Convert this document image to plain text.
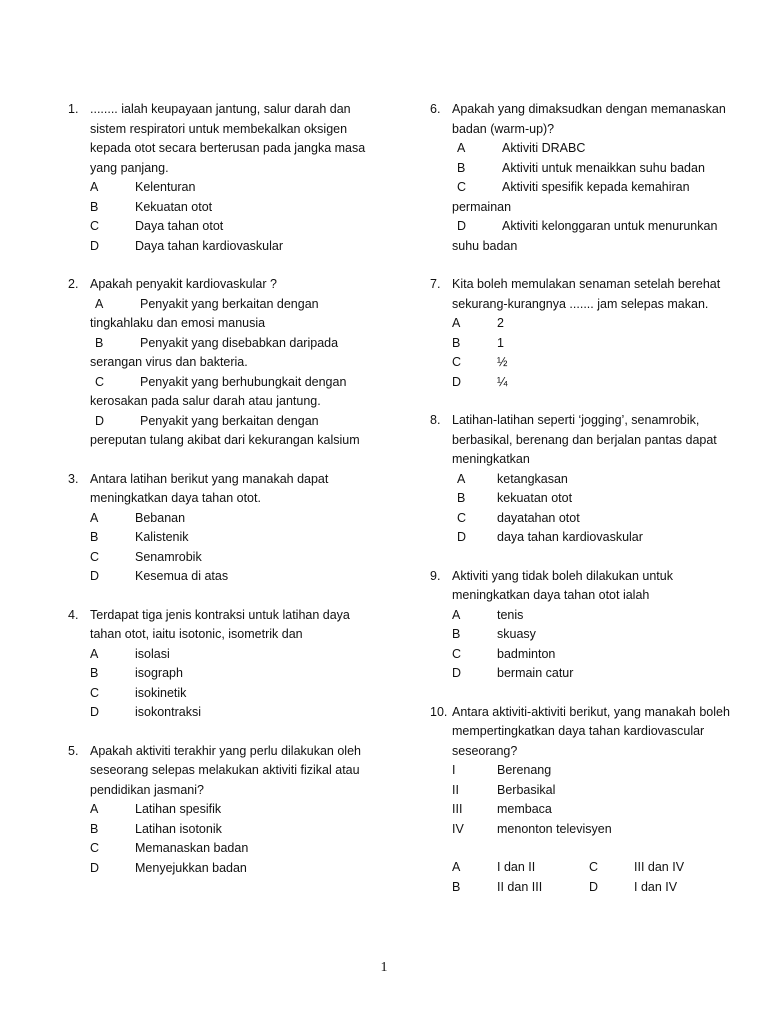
1. ........ ialah keupayaan jantung, salur darah dan sistem respiratori untuk membekalkan oksigen kepada otot secara berterusan pada jangka masa yang panjang.
A	Kelenturan
B	Kekuatan otot
C	Daya tahan otot
D	Daya tahan kardiovaskular
2. Apakah penyakit kardiovaskular ?
A	Penyakit yang berkaitan dengan tingkahlaku dan emosi manusia
B	Penyakit yang disebabkan daripada serangan virus dan bakteria.
C	Penyakit yang berhubungkait dengan kerosakan pada salur darah atau jantung.
D	Penyakit yang berkaitan dengan pereputan tulang akibat dari kekurangan kalsium
3. Antara latihan berikut yang manakah dapat meningkatkan daya tahan otot.
A	Bebanan
B	Kalistenik
C	Senamrobik
D	Kesemua di atas
4. Terdapat tiga jenis kontraksi untuk latihan daya tahan otot, iaitu isotonic, isometrik dan
A	isolasi
B	isograph
C	isokinetik
D	isokontraksi
5. Apakah aktiviti terakhir yang perlu dilakukan oleh seseorang selepas melakukan aktiviti fizikal atau pendidikan jasmani?
A	Latihan spesifik
B	Latihan isotonik
C	Memanaskan badan
D	Menyejukkan badan
6. Apakah yang dimaksudkan dengan memanaskan badan (warm-up)?
A	Aktiviti DRABC
B	Aktiviti untuk menaikkan suhu badan
C	Aktiviti spesifik kepada kemahiran permainan
D	Aktiviti kelonggaran untuk menurunkan suhu badan
7. Kita boleh memulakan senaman setelah berehat sekurang-kurangnya ....... jam selepas makan.
A	2
B	1
C	½
D	¼
8. Latihan-latihan seperti ‘jogging’, senamrobik, berbasikal, berenang dan berjalan pantas dapat meningkatkan
A	ketangkasan
B	kekuatan otot
C	dayatahan otot
D	daya tahan kardiovaskular
9. Aktiviti yang tidak boleh dilakukan untuk meningkatkan daya tahan otot ialah
A	tenis
B	skuasy
C	badminton
D	bermain catur
10. Antara aktiviti-aktiviti berikut, yang manakah boleh mempertingkatkan daya tahan kardiovascular seseorang?
I	Berenang
II	Berbasikal
III	membaca
IV	menonton televisyen
A	I dan II	C	III dan IV
B	II dan III	D	I dan IV
1
